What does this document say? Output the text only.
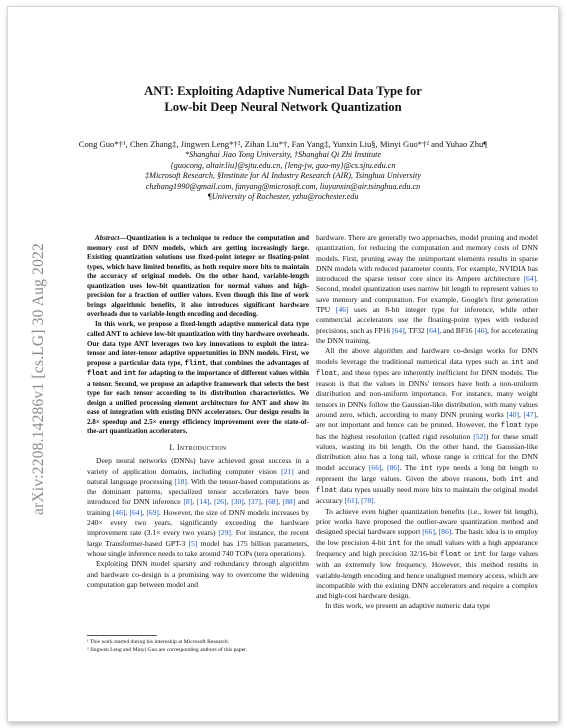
arXiv:2208.14286v1 [cs.LG] 30 Aug 2022
ANT: Exploiting Adaptive Numerical Data Type for
Low-bit Deep Neural Network Quantization
Cong Guo*†¹, Chen Zhang‡, Jingwen Leng*†², Zihan Liu*†, Fan Yang‡, Yunxin Liu§, Minyi Guo*†² and Yuhao Zhu¶
*Shanghai Jiao Tong University, †Shanghai Qi Zhi Institute
{guocong, altair.liu}@sjtu.edu.cn, {leng-jw, guo-my}@cs.sjtu.edu.cn
‡Microsoft Research, §Institute for AI Industry Research (AIR), Tsinghua University
chzhang1990@gmail.com, fanyang@microsoft.com, liuyunxin@air.tsinghua.edu.cn
¶University of Rochester, yzhu@rochester.edu

Abstract—Quantization is a technique to reduce the computation and memory cost of DNN models, which are getting increasingly large. Existing quantization solutions use fixed-point integer or floating-point types, which have limited benefits, as both require more bits to maintain the accuracy of original models. On the other hand, variable-length quantization uses low-bit quantization for normal values and high-precision for a fraction of outlier values. Even though this line of work brings algorithmic benefits, it also introduces significant hardware overheads due to variable-length encoding and decoding.

In this work, we propose a fixed-length adaptive numerical data type called ANT to achieve low-bit quantization with tiny hardware overheads. Our data type ANT leverages two key innovations to exploit the intra-tensor and inter-tensor adaptive opportunities in DNN models. First, we propose a particular data type, flint, that combines the advantages of float and int for adapting to the importance of different values within a tensor. Second, we propose an adaptive framework that selects the best type for each tensor according to its distribution characteristics. We design a unified processing element architecture for ANT and show its ease of integration with existing DNN accelerators. Our design results in 2.8× speedup and 2.5× energy efficiency improvement over the state-of-the-art quantization accelerators.

I. Introduction

Deep neural networks (DNNs) have achieved great success in a variety of application domains, including computer vision [21] and natural language processing [18]. With the tensor-based computations as the dominant patterns, specialized tensor accelerators have been introduced for DNN inference [8], [14], [26], [30], [37], [68], [88] and training [46], [64], [69]. However, the size of DNN models increases by 240× every two years, significantly exceeding the hardware improvement rate (3.1× every two years) [29]. For instance, the recent large Transformer-based GPT-3 [5] model has 175 billion parameters, whose single inference needs to take around 740 TOPs (tera operations).

Exploiting DNN model sparsity and redundancy through algorithm and hardware co-design is a promising way to overcome the widening computation gap between model and

¹ This work started during his internship at Microsoft Research.
² Jingwen Leng and Minyi Guo are corresponding authors of this paper.

hardware. There are generally two approaches, model pruning and model quantization, for reducing the computation and memory costs of DNN models. First, pruning away the unimportant elements results in sparse DNN models with reduced parameter counts. For example, NVIDIA has introduced the sparse tensor core since its Ampere architecture [64]. Second, model quantization uses narrow bit length to represent values to save memory and computation. For example, Google's first generation TPU [46] uses an 8-bit integer type for inference, while other commercial accelerators use the floating-point types with reduced precisions, such as FP16 [64], TF32 [64], and BF16 [46], for accelerating the DNN training.

All the above algorithm and hardware co-design works for DNN models leverage the traditional numerical data types such as int and float, and these types are inherently inefficient for DNN models. The reason is that the values in DNNs' tensors have both a non-uniform distribution and non-uniform importance. For instance, many weight tensors in DNNs follow the Gaussian-like distribution, with many values around zero, which, according to many DNN pruning works [40], [47], are not important and hence can be pruned. However, the float type has the highest resolution (called rigid resolution [52]) for these small values, wasting its bit length. On the other hand, the Gaussian-like distribution also has a long tail, whose range is critical for the DNN model accuracy [66], [86]. The int type needs a long bit length to represent the large values. Given the above reasons, both int and float data types usually need more bits to maintain the original model accuracy [61], [78].

To achieve even higher quantization benefits (i.e., lower bit length), prior works have proposed the outlier-aware quantization method and designed special hardware support [66], [86]. The basic idea is to employ the low precision 4-bit int for the small values with a high appearance frequency and high precision 32/16-bit float or int for large values with an extremely low frequency. However, this method results in variable-length encoding and hence unaligned memory access, which are incompatible with the existing DNN accelerators and require a complex and high-cost hardware design.

In this work, we present an adaptive numeric data type
